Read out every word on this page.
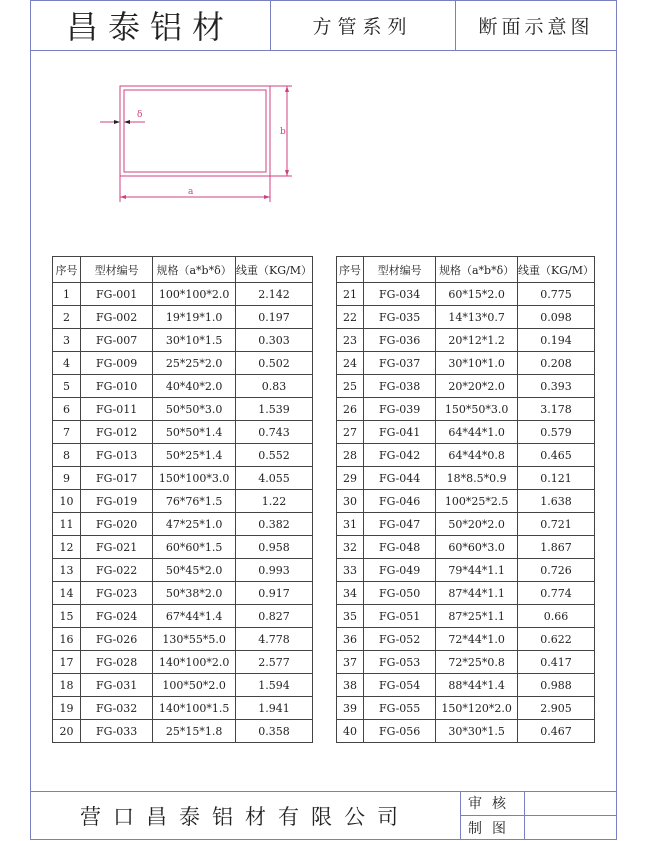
昌泰铝材	方管系列	断面示意图
δ
b
a
序号	型材编号	规格（a*b*δ）	线重（KG/M）
1	FG-001	100*100*2.0	2.142
2	FG-002	19*19*1.0	0.197
3	FG-007	30*10*1.5	0.303
4	FG-009	25*25*2.0	0.502
5	FG-010	40*40*2.0	0.83
6	FG-011	50*50*3.0	1.539
7	FG-012	50*50*1.4	0.743
8	FG-013	50*25*1.4	0.552
9	FG-017	150*100*3.0	4.055
10	FG-019	76*76*1.5	1.22
11	FG-020	47*25*1.0	0.382
12	FG-021	60*60*1.5	0.958
13	FG-022	50*45*2.0	0.993
14	FG-023	50*38*2.0	0.917
15	FG-024	67*44*1.4	0.827
16	FG-026	130*55*5.0	4.778
17	FG-028	140*100*2.0	2.577
18	FG-031	100*50*2.0	1.594
19	FG-032	140*100*1.5	1.941
20	FG-033	25*15*1.8	0.358
序号	型材编号	规格（a*b*δ）	线重（KG/M）
21	FG-034	60*15*2.0	0.775
22	FG-035	14*13*0.7	0.098
23	FG-036	20*12*1.2	0.194
24	FG-037	30*10*1.0	0.208
25	FG-038	20*20*2.0	0.393
26	FG-039	150*50*3.0	3.178
27	FG-041	64*44*1.0	0.579
28	FG-042	64*44*0.8	0.465
29	FG-044	18*8.5*0.9	0.121
30	FG-046	100*25*2.5	1.638
31	FG-047	50*20*2.0	0.721
32	FG-048	60*60*3.0	1.867
33	FG-049	79*44*1.1	0.726
34	FG-050	87*44*1.1	0.774
35	FG-051	87*25*1.1	0.66
36	FG-052	72*44*1.0	0.622
37	FG-053	72*25*0.8	0.417
38	FG-054	88*44*1.4	0.988
39	FG-055	150*120*2.0	2.905
40	FG-056	30*30*1.5	0.467
营口昌泰铝材有限公司
审核
制图
